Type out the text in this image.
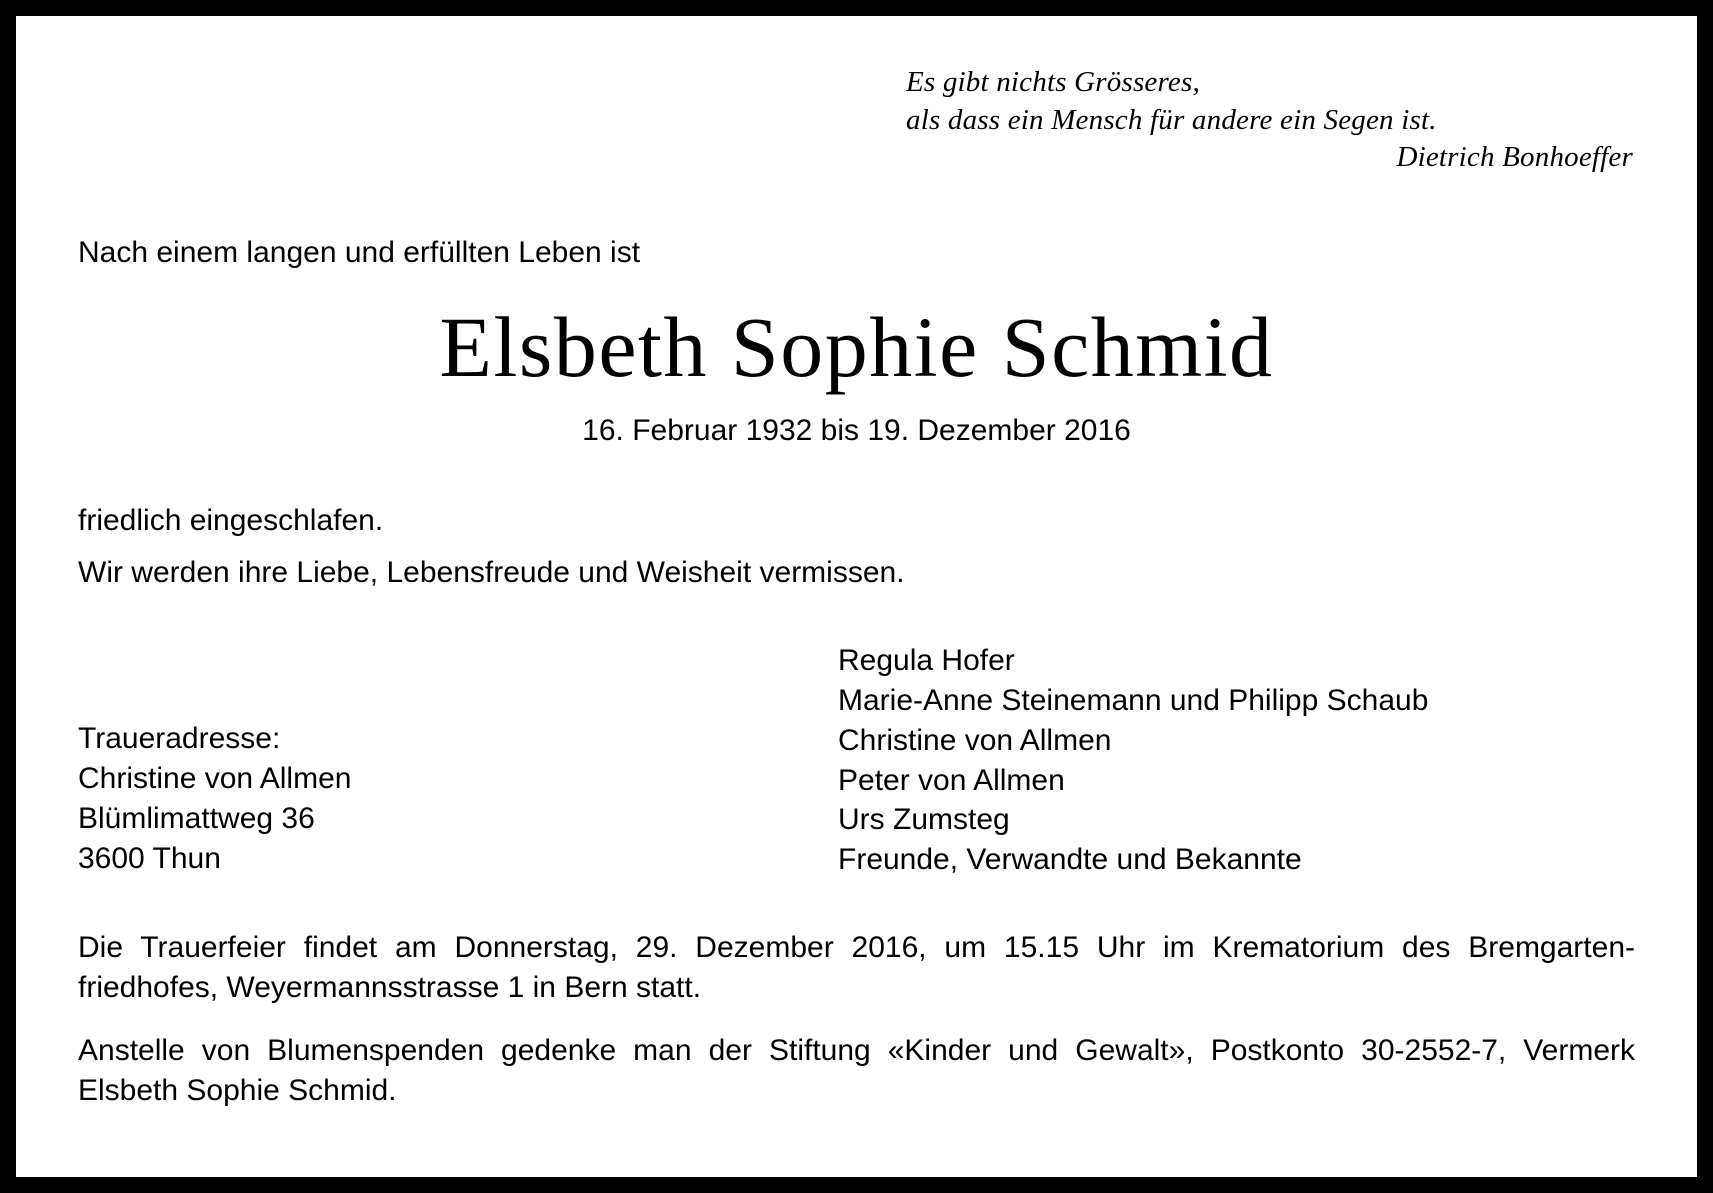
Es gibt nichts Grösseres,
als dass ein Mensch für andere ein Segen ist.
Dietrich Bonhoeffer
Nach einem langen und erfüllten Leben ist
Elsbeth Sophie Schmid
16. Februar 1932 bis 19. Dezember 2016

friedlich eingeschlafen.

Wir werden ihre Liebe, Lebensfreude und Weisheit vermissen.

Traueradresse:
Christine von Allmen
Blümlimattweg 36
3600 Thun
Regula Hofer
Marie-Anne Steinemann und Philipp Schaub
Christine von Allmen
Peter von Allmen
Urs Zumsteg
Freunde, Verwandte und Bekannte

Die Trauerfeier findet am Donnerstag, 29. Dezember 2016, um 15.15 Uhr im Krematorium des Bremgarten-friedhofes, Weyermannsstrasse 1 in Bern statt.

Anstelle von Blumenspenden gedenke man der Stiftung «Kinder und Gewalt», Postkonto 30-2552-7, Vermerk Elsbeth Sophie Schmid.
